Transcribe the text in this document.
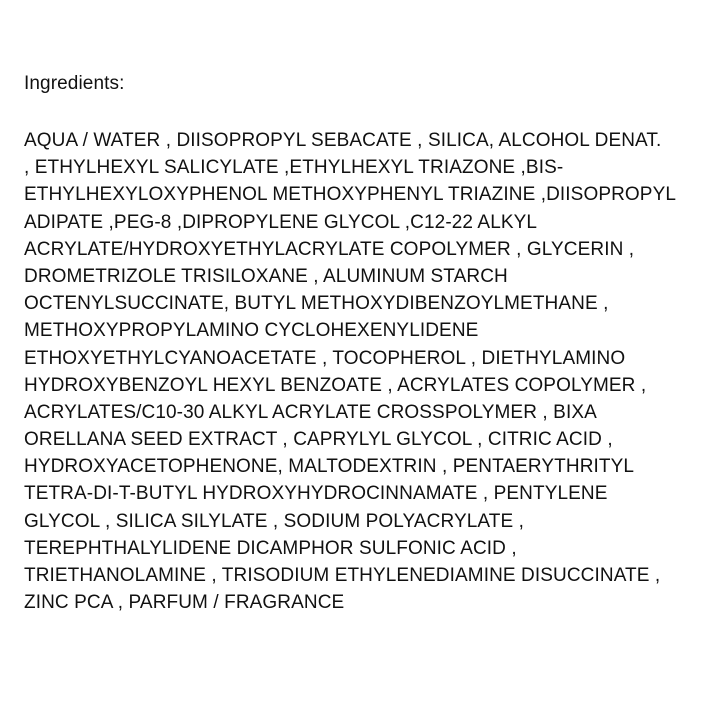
Ingredients:
AQUA / WATER , DIISOPROPYL SEBACATE , SILICA, ALCOHOL DENAT.
, ETHYLHEXYL SALICYLATE ,ETHYLHEXYL TRIAZONE ,BIS-
ETHYLHEXYLOXYPHENOL METHOXYPHENYL TRIAZINE ,DIISOPROPYL
ADIPATE ,PEG-8 ,DIPROPYLENE GLYCOL ,C12-22 ALKYL
ACRYLATE/HYDROXYETHYLACRYLATE COPOLYMER , GLYCERIN ,
DROMETRIZOLE TRISILOXANE , ALUMINUM STARCH
OCTENYLSUCCINATE, BUTYL METHOXYDIBENZOYLMETHANE ,
METHOXYPROPYLAMINO CYCLOHEXENYLIDENE
ETHOXYETHYLCYANOACETATE , TOCOPHEROL , DIETHYLAMINO
HYDROXYBENZOYL HEXYL BENZOATE , ACRYLATES COPOLYMER ,
ACRYLATES/C10-30 ALKYL ACRYLATE CROSSPOLYMER , BIXA
ORELLANA SEED EXTRACT , CAPRYLYL GLYCOL , CITRIC ACID ,
HYDROXYACETOPHENONE, MALTODEXTRIN , PENTAERYTHRITYL
TETRA-DI-T-BUTYL HYDROXYHYDROCINNAMATE , PENTYLENE
GLYCOL , SILICA SILYLATE , SODIUM POLYACRYLATE ,
TEREPHTHALYLIDENE DICAMPHOR SULFONIC ACID ,
TRIETHANOLAMINE , TRISODIUM ETHYLENEDIAMINE DISUCCINATE ,
ZINC PCA , PARFUM / FRAGRANCE
